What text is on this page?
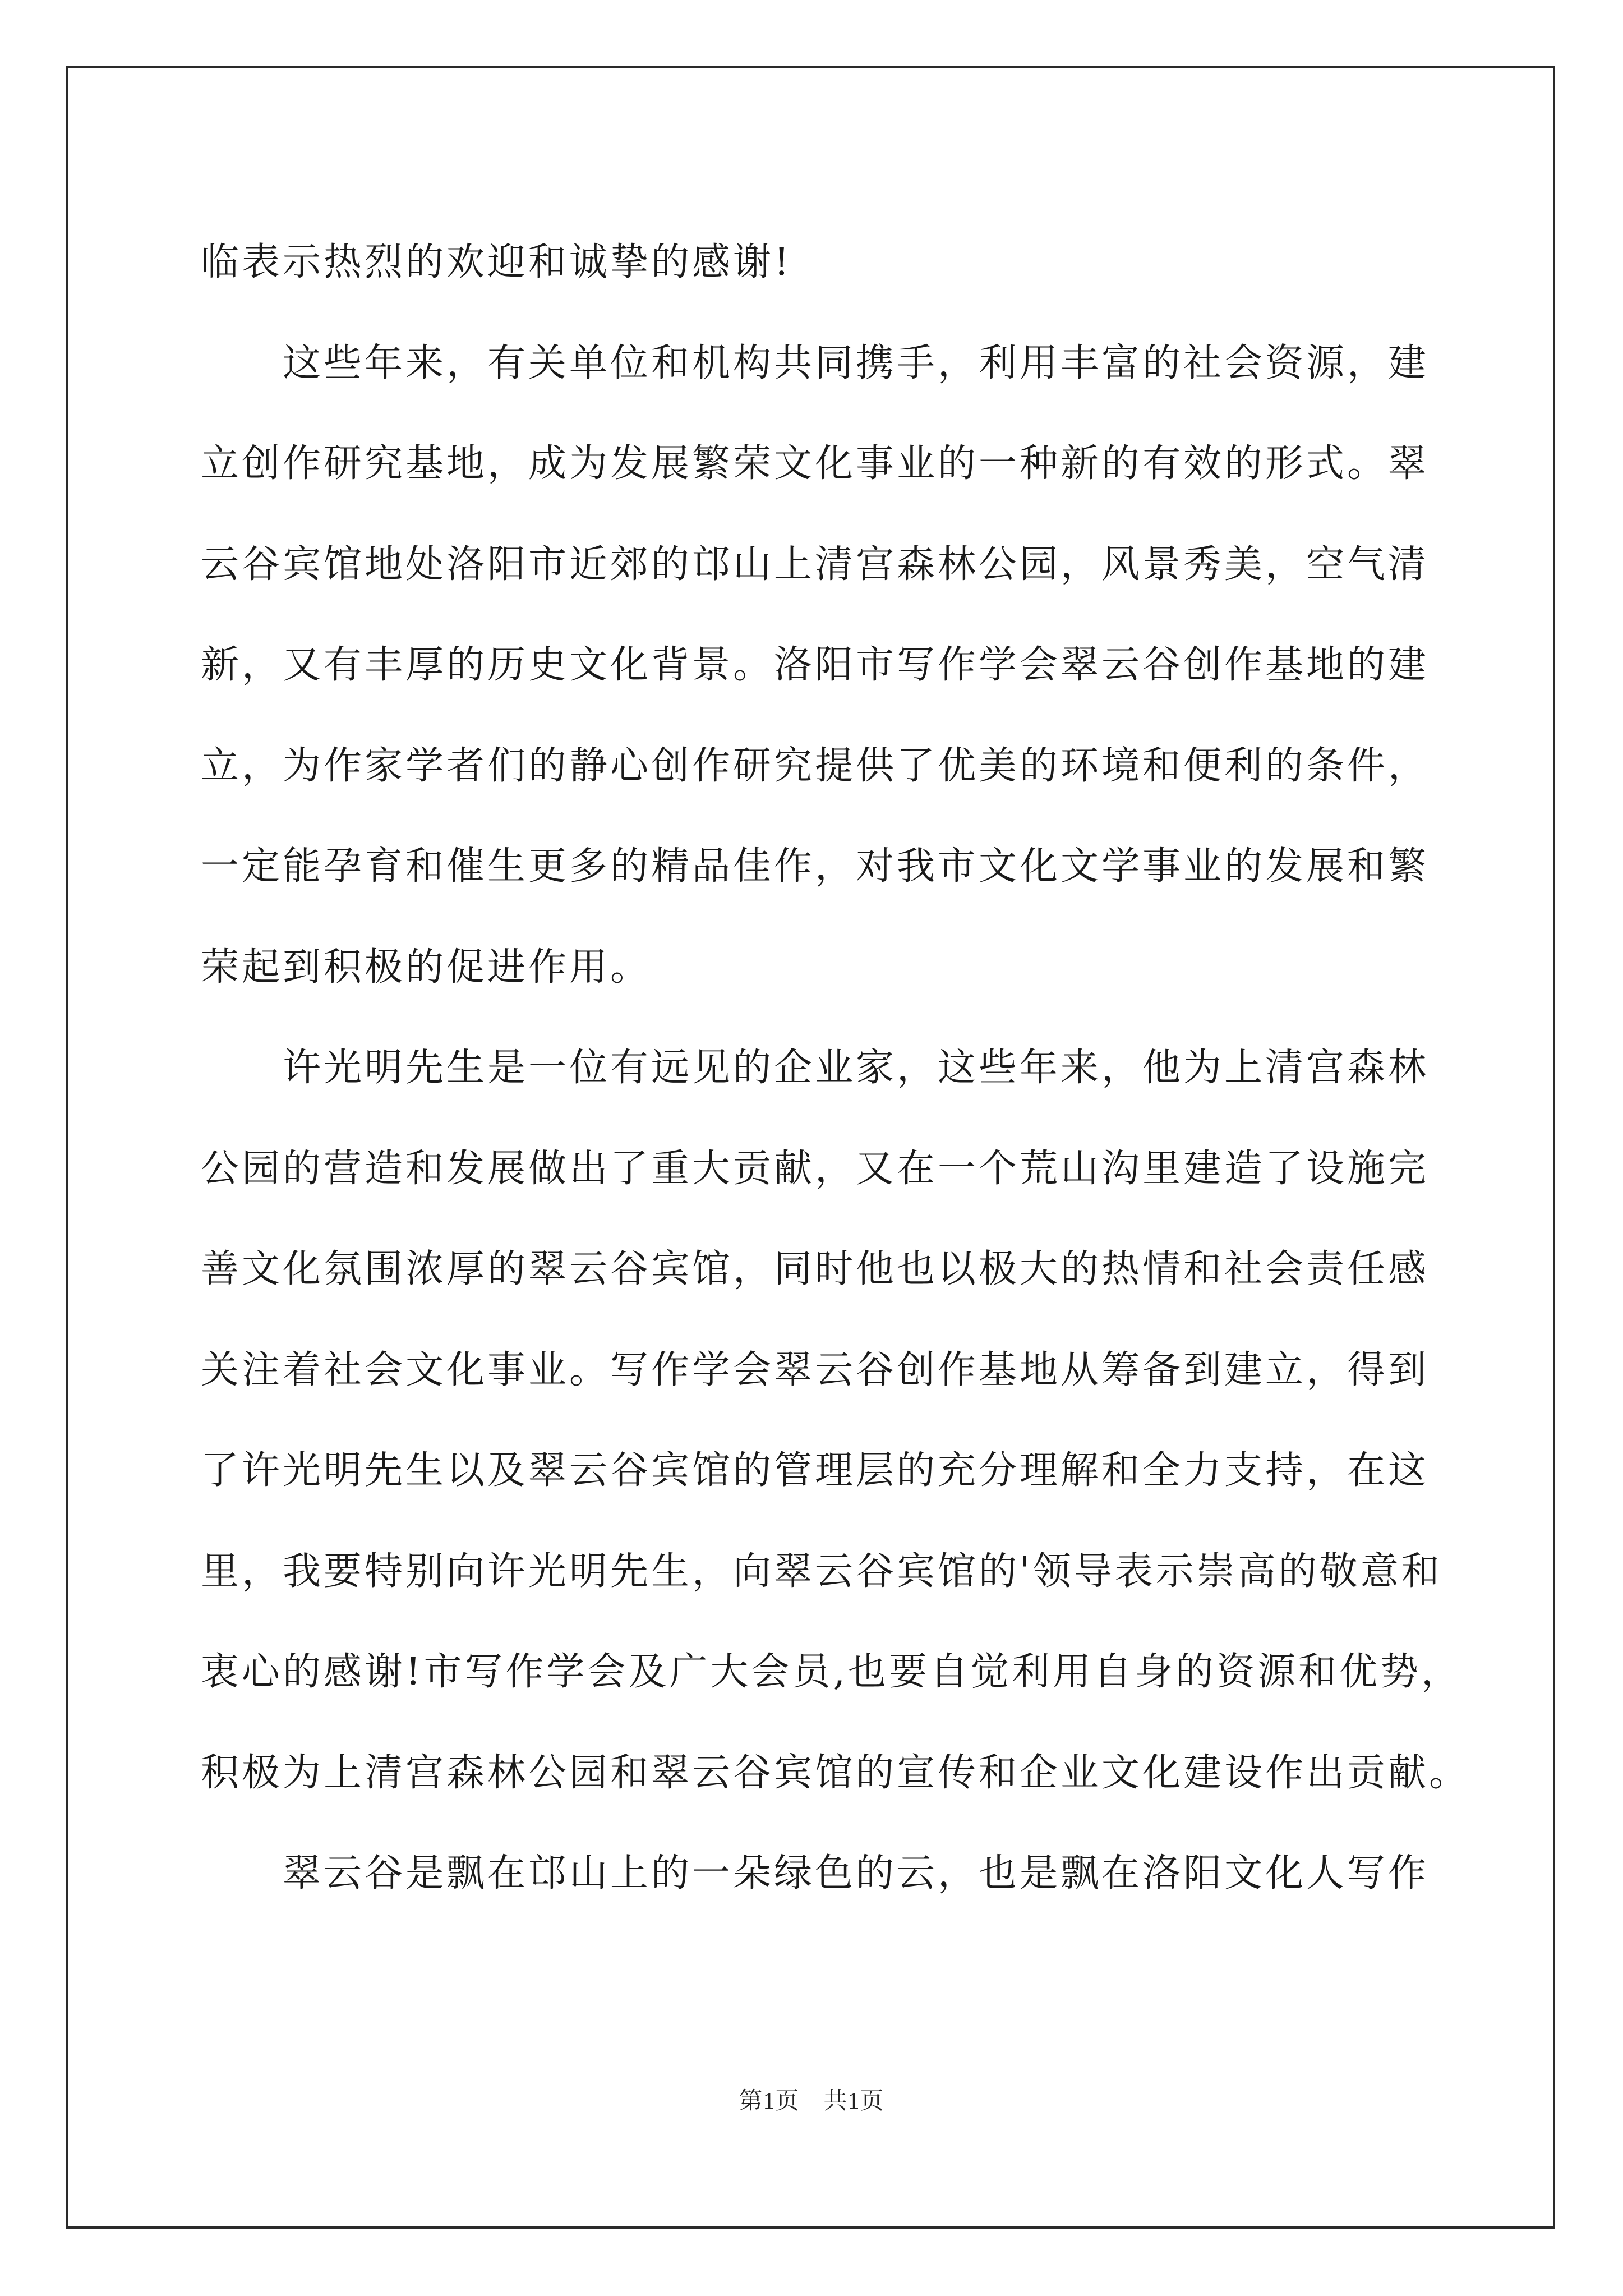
临表示热烈的欢迎和诚挚的感谢!
这些年来，有关单位和机构共同携手，利用丰富的社会资源，建
立创作研究基地，成为发展繁荣文化事业的一种新的有效的形式。翠
云谷宾馆地处洛阳市近郊的邙山上清宫森林公园，风景秀美，空气清
新，又有丰厚的历史文化背景。洛阳市写作学会翠云谷创作基地的建
立，为作家学者们的静心创作研究提供了优美的环境和便利的条件，
一定能孕育和催生更多的精品佳作，对我市文化文学事业的发展和繁
荣起到积极的促进作用。
许光明先生是一位有远见的企业家，这些年来，他为上清宫森林
公园的营造和发展做出了重大贡献，又在一个荒山沟里建造了设施完
善文化氛围浓厚的翠云谷宾馆，同时他也以极大的热情和社会责任感
关注着社会文化事业。写作学会翠云谷创作基地从筹备到建立，得到
了许光明先生以及翠云谷宾馆的管理层的充分理解和全力支持，在这
里，我要特别向许光明先生，向翠云谷宾馆的'领导表示崇高的敬意和
衷心的感谢!市写作学会及广大会员,也要自觉利用自身的资源和优势，
积极为上清宫森林公园和翠云谷宾馆的宣传和企业文化建设作出贡献。
翠云谷是飘在邙山上的一朵绿色的云，也是飘在洛阳文化人写作
第1页　共1页
